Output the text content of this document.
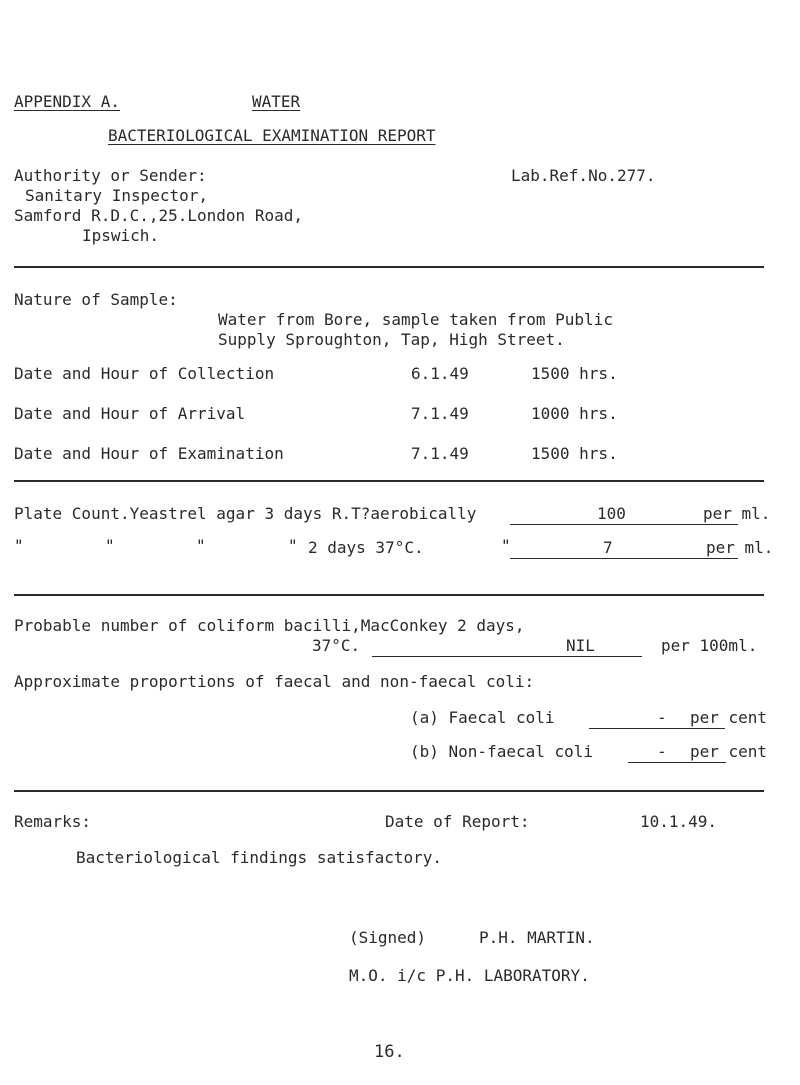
APPENDIX A.	WATER
BACTERIOLOGICAL EXAMINATION REPORT
Authority or Sender:	Lab.Ref.No.277.
Sanitary Inspector,
Samford R.D.C.,25.London Road,
Ipswich.
Nature of Sample:
Water from Bore, sample taken from Public
Supply Sproughton, Tap, High Street.
Date and Hour of Collection	6.1.49	1500 hrs.
Date and Hour of Arrival	7.1.49	1000 hrs.
Date and Hour of Examination	7.1.49	1500 hrs.
Plate Count.Yeastrel agar 3 days R.T?aerobically	100	per ml.
"	"	"	" 2 days 37°C.	"	7	per ml.
Probable number of coliform bacilli,MacConkey 2 days,
37°C.	NIL	per 100ml.
Approximate proportions of faecal and non-faecal coli:
(a) Faecal coli	- per cent
(b) Non-faecal coli	- per cent
Remarks:	Date of Report:	10.1.49.
Bacteriological findings satisfactory.
(Signed)	P.H. MARTIN.
M.O. i/c P.H. LABORATORY.
16.
